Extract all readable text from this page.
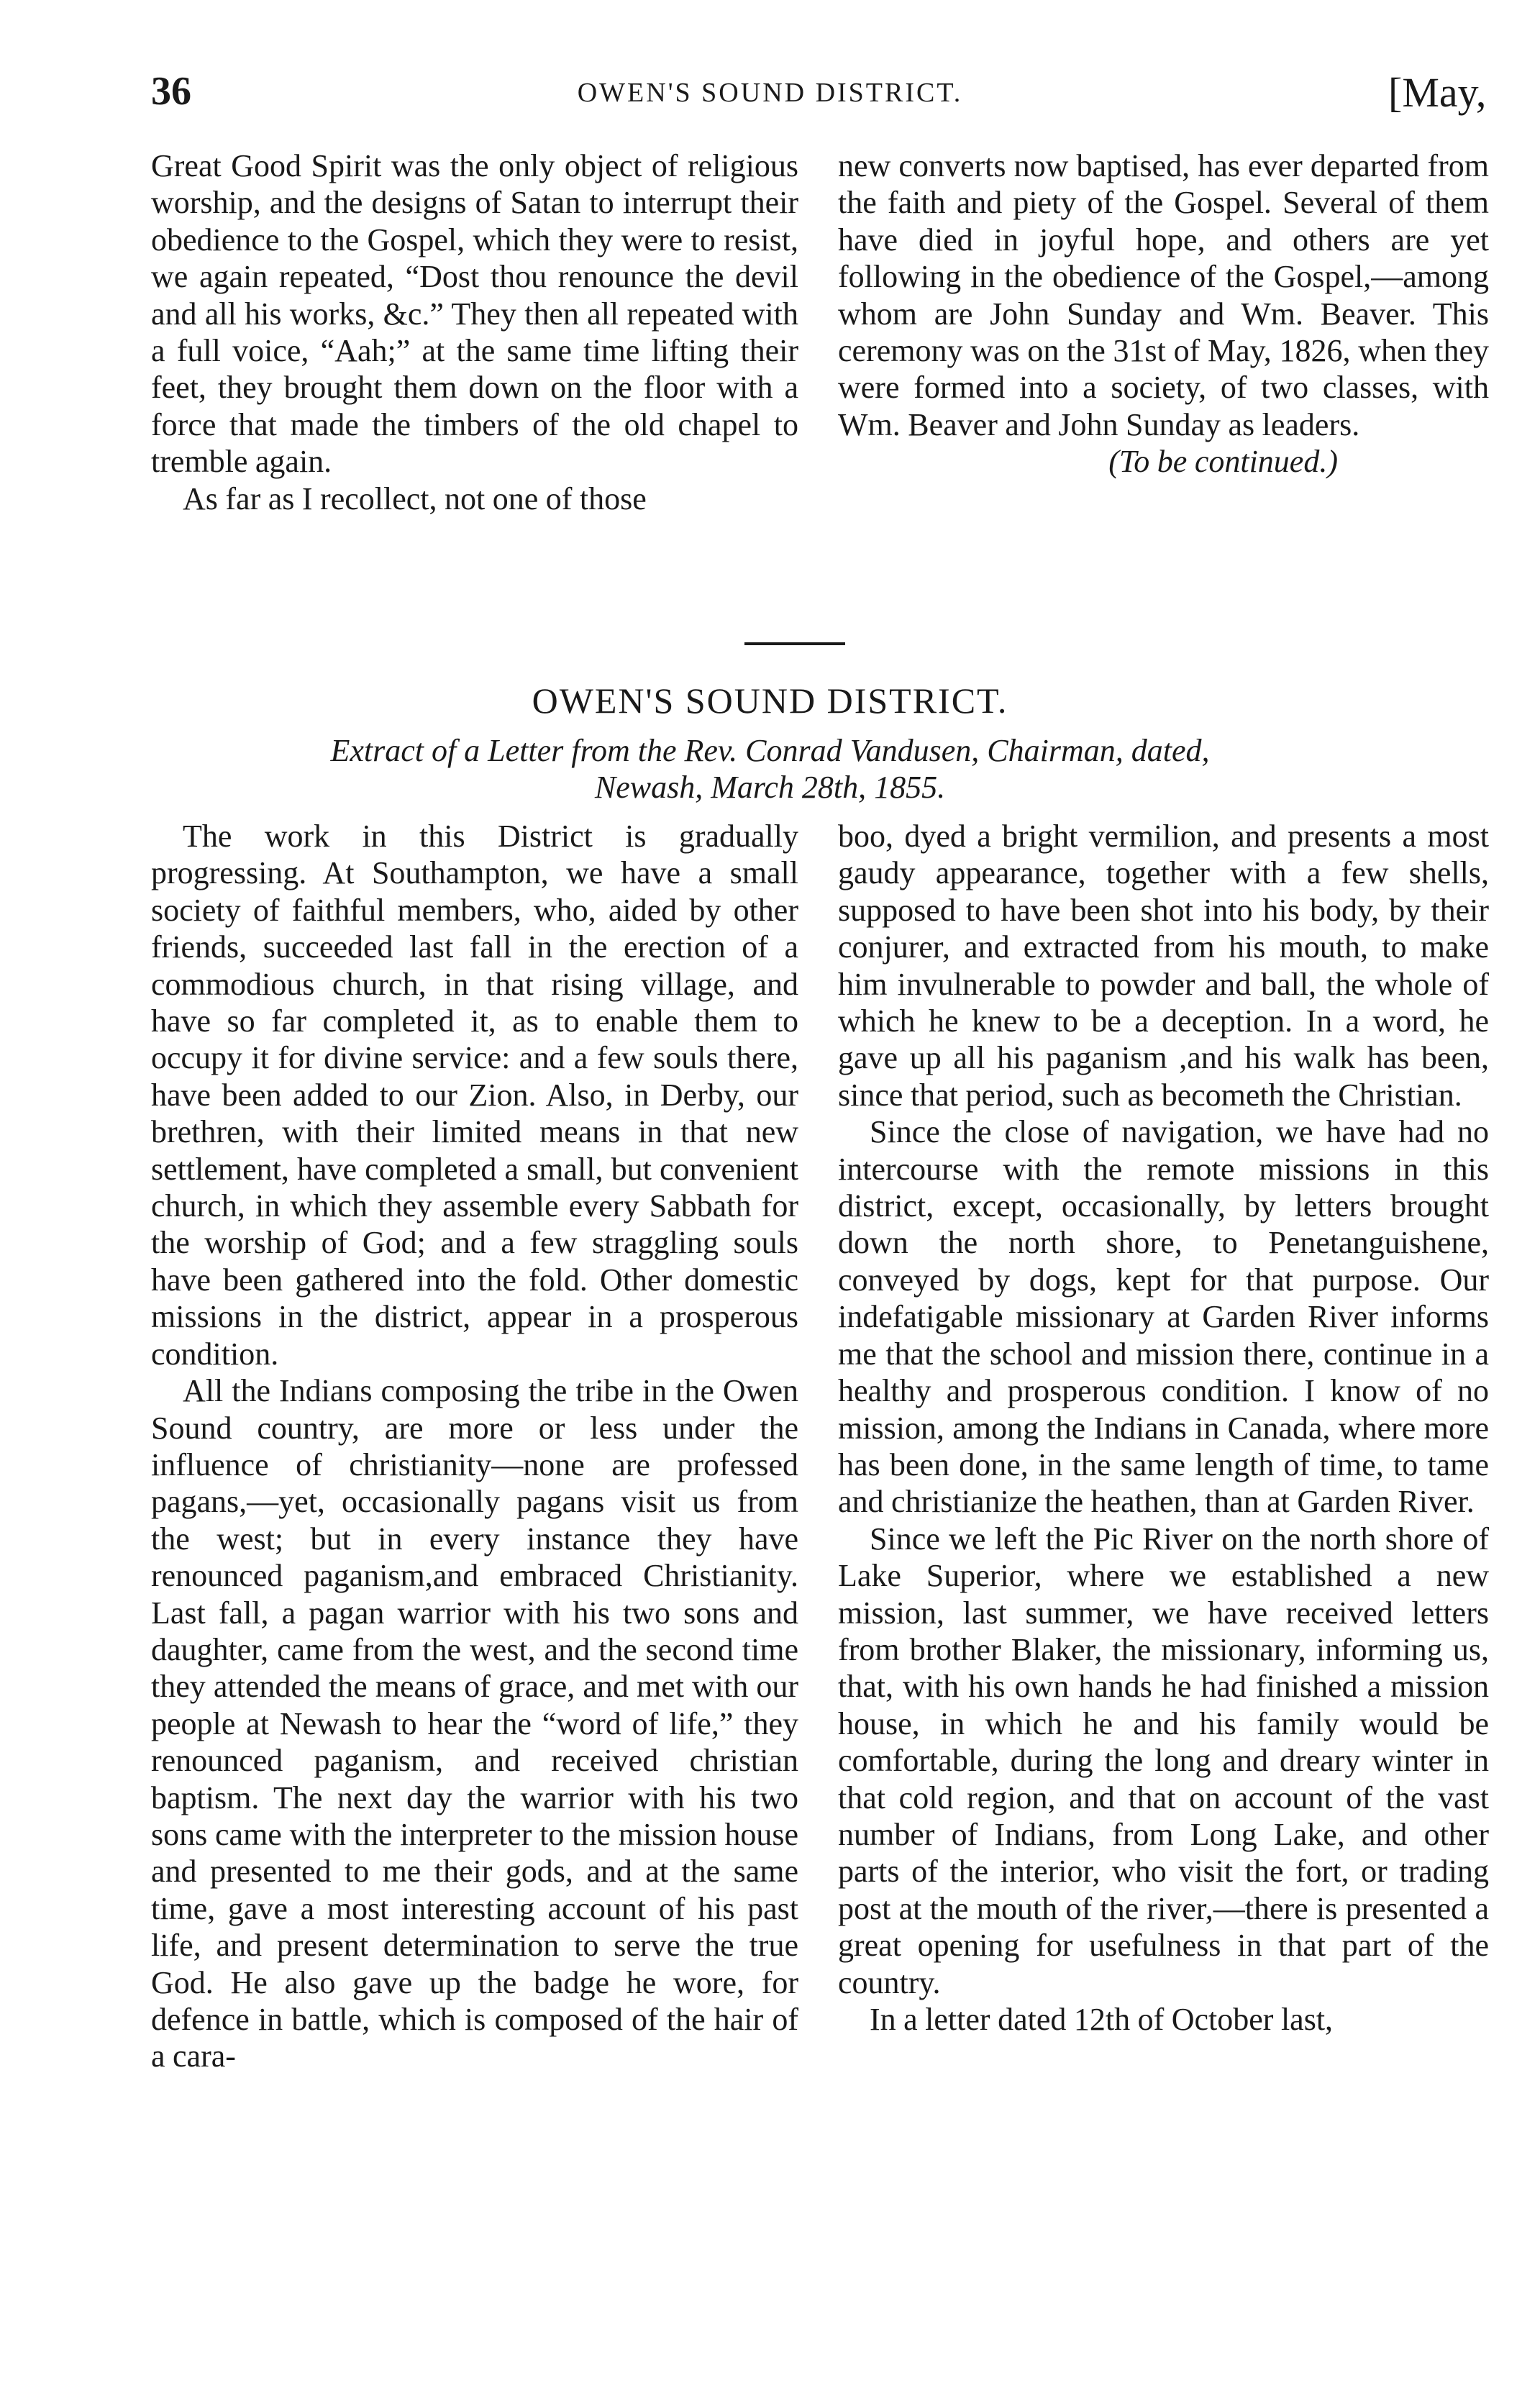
36	OWEN'S SOUND DISTRICT.	[May,

Great Good Spirit was the only object of religious worship, and the designs of Satan to interrupt their obedience to the Gospel, which they were to resist, we again repeated, “Dost thou renounce the devil and all his works, &c.” They then all repeated with a full voice, “Aah;” at the same time lifting their feet, they brought them down on the floor with a force that made the timbers of the old chapel to tremble again.

As far as I recollect, not one of those

new converts now baptised, has ever departed from the faith and piety of the Gospel. Several of them have died in joyful hope, and others are yet following in the obedience of the Gospel,—among whom are John Sunday and Wm. Beaver. This ceremony was on the 31st of May, 1826, when they were formed into a society, of two classes, with Wm. Beaver and John Sunday as leaders.

(To be continued.)

OWEN'S SOUND DISTRICT.
Extract of a Letter from the Rev. Conrad Vandusen, Chairman, dated,
Newash, March 28th, 1855.

The work in this District is gradually progressing. At Southampton, we have a small society of faithful members, who, aided by other friends, succeeded last fall in the erection of a commodious church, in that rising village, and have so far completed it, as to enable them to occupy it for divine service: and a few souls there, have been added to our Zion. Also, in Derby, our brethren, with their limited means in that new settlement, have completed a small, but convenient church, in which they assemble every Sabbath for the worship of God; and a few straggling souls have been gathered into the fold. Other domestic missions in the district, appear in a prosperous condition.

All the Indians composing the tribe in the Owen Sound country, are more or less under the influence of christianity—none are professed pagans,—yet, occasionally pagans visit us from the west; but in every instance they have renounced paganism,and embraced Christianity. Last fall, a pagan warrior with his two sons and daughter, came from the west, and the second time they attended the means of grace, and met with our people at Newash to hear the “word of life,” they renounced paganism, and received christian baptism. The next day the warrior with his two sons came with the interpreter to the mission house and presented to me their gods, and at the same time, gave a most interesting account of his past life, and present determination to serve the true God. He also gave up the badge he wore, for defence in battle, which is composed of the hair of a cara-

boo, dyed a bright vermilion, and presents a most gaudy appearance, together with a few shells, supposed to have been shot into his body, by their conjurer, and extracted from his mouth, to make him invulnerable to powder and ball, the whole of which he knew to be a deception. In a word, he gave up all his paganism ,and his walk has been, since that period, such as becometh the Christian.

Since the close of navigation, we have had no intercourse with the remote missions in this district, except, occasionally, by letters brought down the north shore, to Penetanguishene, conveyed by dogs, kept for that purpose. Our indefatigable missionary at Garden River informs me that the school and mission there, continue in a healthy and prosperous condition. I know of no mission, among the Indians in Canada, where more has been done, in the same length of time, to tame and christianize the heathen, than at Garden River.

Since we left the Pic River on the north shore of Lake Superior, where we established a new mission, last summer, we have received letters from brother Blaker, the missionary, informing us, that, with his own hands he had finished a mission house, in which he and his family would be comfortable, during the long and dreary winter in that cold region, and that on account of the vast number of Indians, from Long Lake, and other parts of the interior, who visit the fort, or trading post at the mouth of the river,—there is presented a great opening for usefulness in that part of the country.

In a letter dated 12th of October last,
